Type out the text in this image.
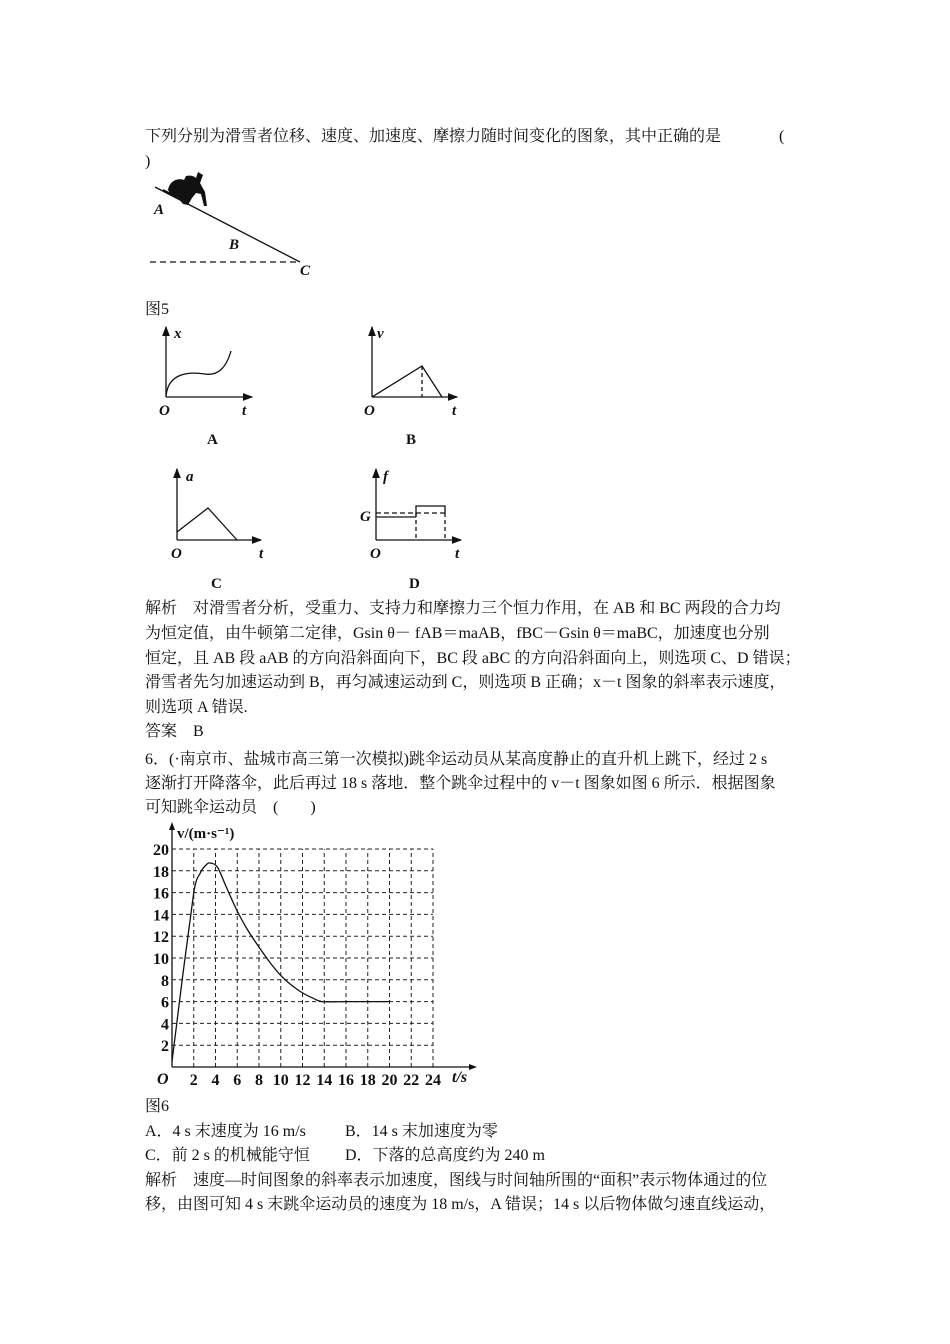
下列分别为滑雪者位移、速度、加速度、摩擦力随时间变化的图象，其中正确的是	(
)
A
B
C
图5
x
O	t
A
v
O	t
B
a
O	t
C
f
G
O	t
D
解析　对滑雪者分析，受重力、支持力和摩擦力三个恒力作用，在 AB 和 BC 两段的合力均
为恒定值，由牛顿第二定律，Gsin θ－ fAB＝maAB，fBC－Gsin θ＝maBC，加速度也分别
恒定，且 AB 段 aAB 的方向沿斜面向下，BC 段 aBC 的方向沿斜面向上，则选项 C、D 错误；
滑雪者先匀加速运动到 B，再匀减速运动到 C，则选项 B 正确；x－t 图象的斜率表示速度，
则选项 A 错误.
答案　B
6．(·南京市、盐城市高三第一次模拟)跳伞运动员从某高度静止的直升机上跳下，经过 2 s
逐渐打开降落伞，此后再过 18 s 落地．整个跳伞过程中的 v－t 图象如图 6 所示．根据图象
可知跳伞运动员　(　　)
2 4 6 8 10 12 14 16 18 20 22 24
2
4
6
8
10
12
14
16
18
20
v/(m·s⁻¹)
t/s
O
图6
A．4 s 末速度为 16 m/s B．14 s 末加速度为零
C．前 2 s 的机械能守恒 D．下落的总高度约为 240 m
解析　速度—时间图象的斜率表示加速度，图线与时间轴所围的“面积”表示物体通过的位
移，由图可知 4 s 末跳伞运动员的速度为 18 m/s，A 错误；14 s 以后物体做匀速直线运动，
